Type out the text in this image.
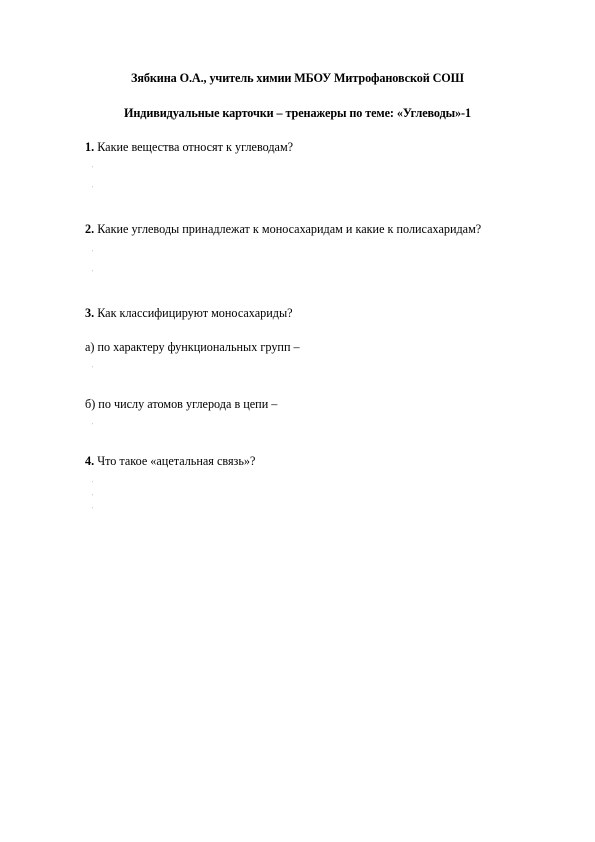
Зябкина О.А., учитель химии МБОУ Митрофановской СОШ
Индивидуальные карточки – тренажеры по теме: «Углеводы»-1
1. Какие вещества относят к углеводам?
'
'
2. Какие углеводы принадлежат к моносахаридам и какие к полисахаридам?
'
'
3. Как классифицируют моносахариды?
а) по характеру функциональных групп –
'
б) по числу атомов углерода в цепи –
'
4. Что такое «ацетальная связь»?
'
'
'
